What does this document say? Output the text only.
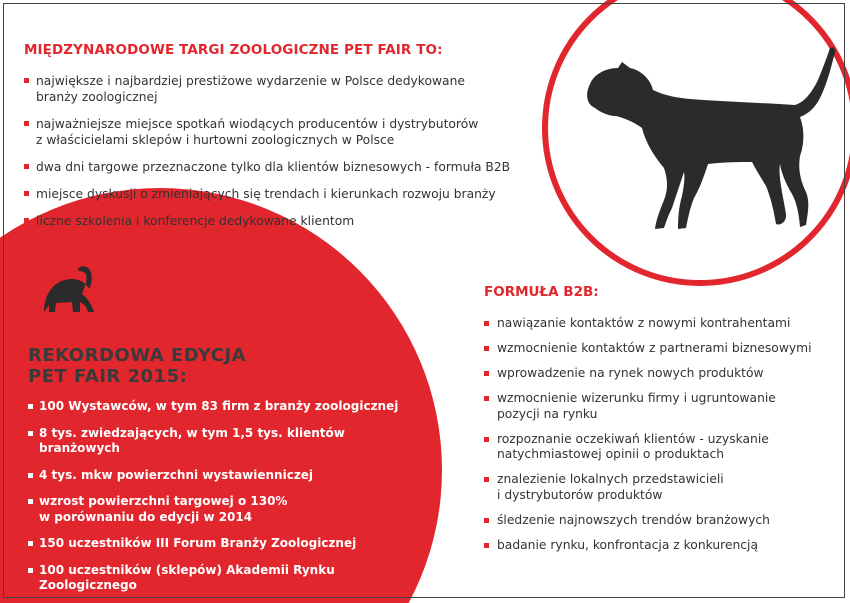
MIĘDZYNARODOWE TARGI ZOOLOGICZNE PET FAIR TO:
największe i najbardziej prestiżowe wydarzenie w Polsce dedykowane
branży zoologicznej
najważniejsze miejsce spotkań wiodących producentów i dystrybutorów
z właścicielami sklepów i hurtowni zoologicznych w Polsce
dwa dni targowe przeznaczone tylko dla klientów biznesowych - formuła B2B
miejsce dyskusji o zmieniających się trendach i kierunkach rozwoju branży
liczne szkolenia i konferencje dedykowane klientom
REKORDOWA EDYCJA
PET FAIR 2015:
100 Wystawców, w tym 83 firm z branży zoologicznej
8 tys. zwiedzających, w tym 1,5 tys. klientów branżowych
4 tys. mkw powierzchni wystawienniczej
wzrost powierzchni targowej o 130%
w porównaniu do edycji w 2014
150 uczestników III Forum Branży Zoologicznej
100 uczestników (sklepów) Akademii Rynku Zoologicznego
FORMUŁA B2B:
nawiązanie kontaktów z nowymi kontrahentami
wzmocnienie kontaktów z partnerami biznesowymi
wprowadzenie na rynek nowych produktów
wzmocnienie wizerunku firmy i ugruntowanie
pozycji na rynku
rozpoznanie oczekiwań klientów - uzyskanie
natychmiastowej opinii o produktach
znalezienie lokalnych przedstawicieli
i dystrybutorów produktów
śledzenie najnowszych trendów branżowych
badanie rynku, konfrontacja z konkurencją
